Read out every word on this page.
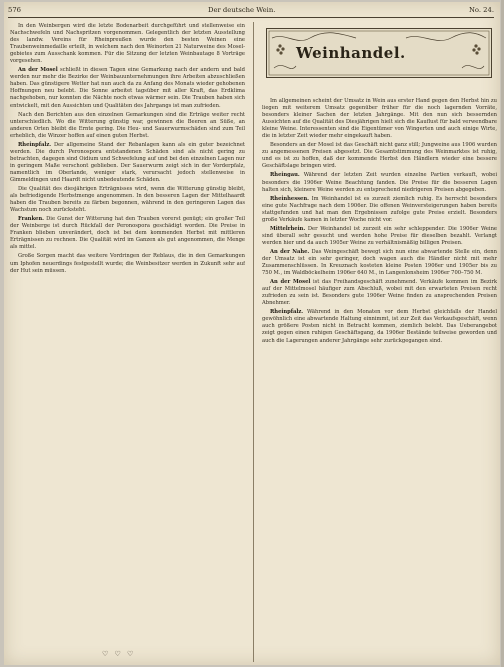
576	Der deutsche Wein.	No. 24.

In den Weinbergen wird die letzte Bodenarbeit durchgeführt und stellenweise ein Nachschwefeln und Nachspritzen vorgenommen. Gelegentlich der letzten Ausstellung des landw. Vereins für Rheinpreußen wurde den besten Weinen eine Traubenweinmedaille erteilt, in welchem nach den Weinorten 21 Naturweine des Moselgebietes zum Ausschank kommen. Für die Sitzung der letzten Weinbautage 8 Vorträge vorgesehen.

An der Mosel schließt in diesen Tagen eine Gemarkung nach der andern und bald werden nur mehr die Bezirke der Weinbauunternehmungen ihre Arbeiten abzuschließen haben. Das günstigere Wetter hat nun auch da zu Anfang des Monats wieder gehobenen Hoffnungen neu belebt. Die Sonne arbeitet tagsüber mit aller Kraft, das Erdklima nachgehoben, nur konnten die Nächte noch etwas wärmer sein. Die Trauben haben sich entwickelt, mit den Aussichten und Qualitäten des Jahrgangs ist man zufrieden.

Nach den Berichten aus den einzelnen Gemarkungen sind die Erträge weiter recht unterschiedlich. Wo die Witterung günstig war, gewinnen die Beeren an Süße, an anderen Orten bleibt die Ernte gering. Die Heu- und Sauerwurmschäden sind zum Teil erheblich, die Winzer hoffen auf einen guten Herbst.

Rheinpfalz. Der allgemeine Stand der Rebanlagen kann als ein guter bezeichnet werden. Die durch Peronospora entstandenen Schäden sind als nicht gering zu betrachten, dagegen sind Oidium und Schwefelung auf und bei den einzelnen Lagen nur in geringem Maße verschont geblieben. Der Sauerwurm zeigt sich in der Vorderpfalz, namentlich im Oberlande, weniger stark, verursacht jedoch stellenweise in Gimmeldingen und Haardt nicht unbedeutende Schäden.

Die Qualität des diesjährigen Erträgnisses wird, wenn die Witterung günstig bleibt, als befriedigende Herbstmenge angenommen. In den besseren Lagen der Mittelhaardt haben die Trauben bereits zu färben begonnen, während in den geringeren Lagen das Wachstum noch zurücksteht.

Franken. Die Gunst der Witterung hat den Trauben vorerst genügt; ein großer Teil der Weinberge ist durch Rückfall der Peronospora geschädigt worden. Die Preise in Franken blieben unverändert, doch ist bei dem kommenden Herbst mit mittleren Erträgnissen zu rechnen. Die Qualität wird im Ganzen als gut angenommen, die Menge als mittel.

Große Sorgen macht das weitere Vordringen der Reblaus, die in den Gemarkungen um Iphofen neuerdings festgestellt wurde; die Weinbesitzer werden in Zukunft sehr auf der Hut sein müssen.

Weinhandel.

Im allgemeinen scheint der Umsatz in Wein aus erster Hand gegen den Herbst hin zu liegen mit weiterem Umsatz gegenüber früher für die noch lagernden Vorräte, besonders kleiner Sachen der letzten Jahrgänge. Mit den nun sich bessernden Aussichten auf die Qualität des Diesjährigen hielt sich die Kauflust für bald verwendbare kleine Weine. Interessenten sind die Eigentümer von Wingerten und auch einige Wirte, die in letzter Zeit wieder mehr eingekauft haben.

Besonders an der Mosel ist das Geschäft nicht ganz still; Jungweine aus 1906 wurden zu angemessenen Preisen abgesetzt. Die Gesamtstimmung des Weinmarktes ist ruhig, und es ist zu hoffen, daß der kommende Herbst den Händlern wieder eine bessere Geschäftslage bringen wird.

Rheingau. Während der letzten Zeit wurden einzelne Partien verkauft, wobei besonders die 1906er Weine Beachtung fanden. Die Preise für die besseren Lagen halten sich, kleinere Weine werden zu entsprechend niedrigeren Preisen abgegeben.

Rheinhessen. Im Weinhandel ist es zurzeit ziemlich ruhig. Es herrscht besonders eine gute Nachfrage nach dem 1906er. Die offenen Weinversteigerungen haben bereits stattgefunden und hat man den Ergebnissen zufolge gute Preise erzielt. Besonders große Verkäufe kamen in letzter Woche nicht vor.

Mittelrhein. Der Weinhandel ist zurzeit ein sehr schleppender. Die 1906er Weine sind überall sehr gesucht und werden hohe Preise für dieselben bezahlt. Verlangt werden hier und da auch 1905er Weine zu verhältnismäßig billigen Preisen.

An der Nahe. Das Weingeschäft bewegt sich nun eine abwartende Stelle ein, denn der Umsatz ist ein sehr geringer, doch wagen auch die Händler nicht mit mehr Zusammenschlüssen. In Kreuznach kosteten kleine Posten 1906er und 1905er bis zu 750 M., im Waldböckelheim 1906er 640 M., in Langenlonsheim 1906er 700–750 M.

An der Mosel ist das Freihandsgeschäft zunehmend. Verkäufe kommen im Bezirk auf der Mittelmosel häufiger zum Abschluß, wobei mit den erwarteten Preisen recht zufrieden zu sein ist. Besonders gute 1906er Weine finden zu ansprechenden Preisen Abnehmer.

Rheinpfalz. Während in den Monaten vor dem Herbst gleichfalls der Handel gewöhnlich eine abwartende Haltung einnimmt, ist zur Zeit das Verkaufsgeschäft, wenn auch größere Posten nicht in Betracht kommen, ziemlich belebt. Das Ueberangebot zeigt gegen einen ruhigen Geschäftsgang, da 1906er Bestände teilweise geworden und auch die Lagerungen anderer Jahrgänge sehr zurückgegangen sind.

♡ ♡ ♡
